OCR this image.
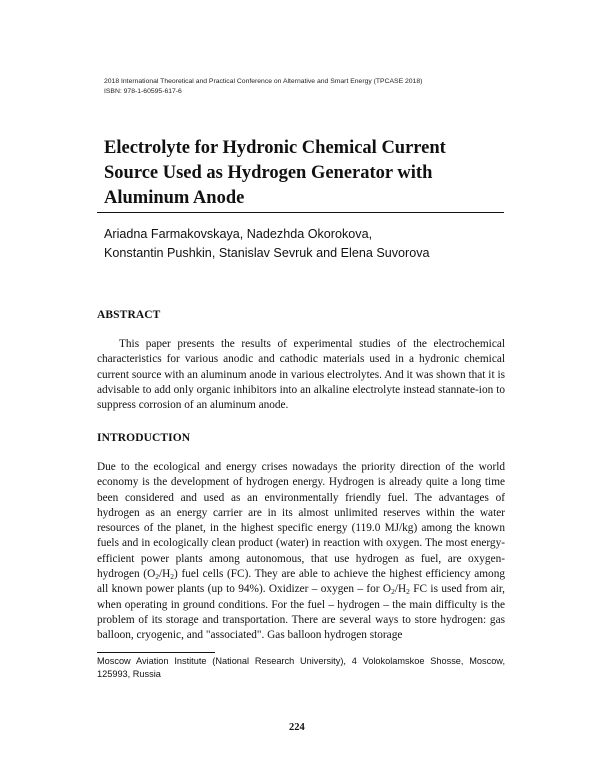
2018 International Theoretical and Practical Conference on Alternative and Smart Energy (TPCASE 2018)
ISBN: 978-1-60595-617-6
Electrolyte for Hydronic Chemical Current
Source Used as Hydrogen Generator with
Aluminum Anode
Ariadna Farmakovskaya, Nadezhda Okorokova,
Konstantin Pushkin, Stanislav Sevruk and Elena Suvorova
ABSTRACT
This paper presents the results of experimental studies of the electrochemical characteristics for various anodic and cathodic materials used in a hydronic chemical current source with an aluminum anode in various electrolytes. And it was shown that it is advisable to add only organic inhibitors into an alkaline electrolyte instead stannate-ion to suppress corrosion of an aluminum anode.
INTRODUCTION
Due to the ecological and energy crises nowadays the priority direction of the world economy is the development of hydrogen energy. Hydrogen is already quite a long time been considered and used as an environmentally friendly fuel. The advantages of hydrogen as an energy carrier are in its almost unlimited reserves within the water resources of the planet, in the highest specific energy (119.0 MJ/kg) among the known fuels and in ecologically clean product (water) in reaction with oxygen. The most energy-efficient power plants among autonomous, that use hydrogen as fuel, are oxygen-hydrogen $(O_2/H_2)$ fuel cells (FC). They are able to achieve the highest efficiency among all known power plants (up to 94%). Oxidizer – oxygen – for $O_2/H_2$ FC is used from air, when operating in ground conditions. For the fuel – hydrogen – the main difficulty is the problem of its storage and transportation. There are several ways to store hydrogen: gas balloon, cryogenic, and "associated". Gas balloon hydrogen storage
Moscow Aviation Institute (National Research University), 4 Volokolamskoe Shosse, Moscow, 125993, Russia
224
